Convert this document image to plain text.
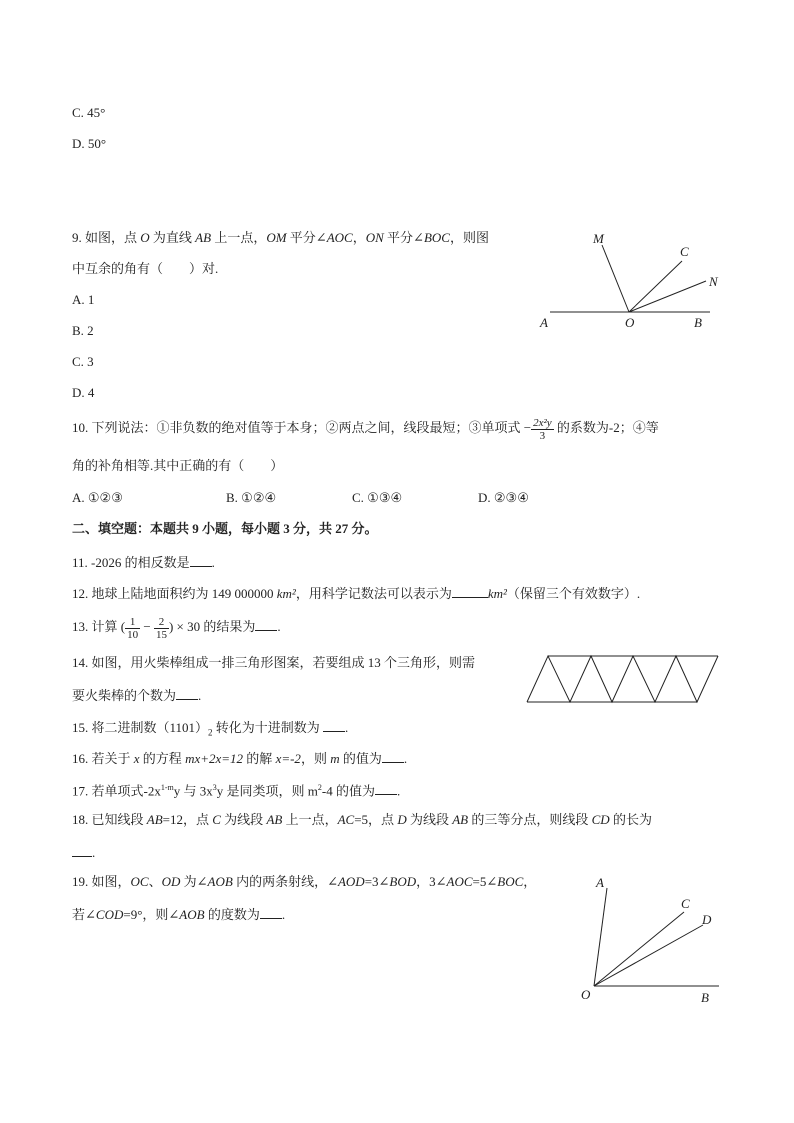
C. 45°
D. 50°
9. 如图，点 O 为直线 AB 上一点，OM 平分∠AOC，ON 平分∠BOC，则图
中互余的角有（　　）对.
A. 1
B. 2
C. 3
D. 4
M
C
N
A	O	B
10. 下列说法：①非负数的绝对值等于本身；②两点之间，线段最短；③单项式 − $\frac{\text{2x²y}}{3}$ 的系数为-2；④等
角的补角相等.其中正确的有（　　）
A. ①②③	B. ①②④	C. ①③④	D. ②③④
二、填空题：本题共 9 小题，每小题 3 分，共 27 分。
11. -2026 的相反数是 .
12. 地球上陆地面积约为 149 000000 km²，用科学记数法可以表示为	km²（保留三个有效数字）.
13. 计算 ( $\frac{1}{10} - \frac{2}{15}$ ) × 30 的结果为 .
14. 如图，用火柴棒组成一排三角形图案，若要组成 13 个三角形，则需
要火柴棒的个数为 .
15. 将二进制数$(1101)_2$ 转化为十进制数为 .
16. 若关于 x 的方程 mx+2x=12 的解 x=-2，则 m 的值为 .
17. 若单项式$-2x^{1-m}y$ 与 $3x^3y$ 是同类项，则 $m^2-4$ 的值为 .
18. 已知线段 AB=12，点 C 为线段 AB 上一点，AC=5，点 D 为线段 AB 的三等分点，则线段 CD 的长为
.
19. 如图，OC、OD 为∠AOB 内的两条射线，∠AOD=3∠BOD，3∠AOC=5∠BOC，
若∠COD=9°，则∠AOB 的度数为 .
A
C
D
O	B
